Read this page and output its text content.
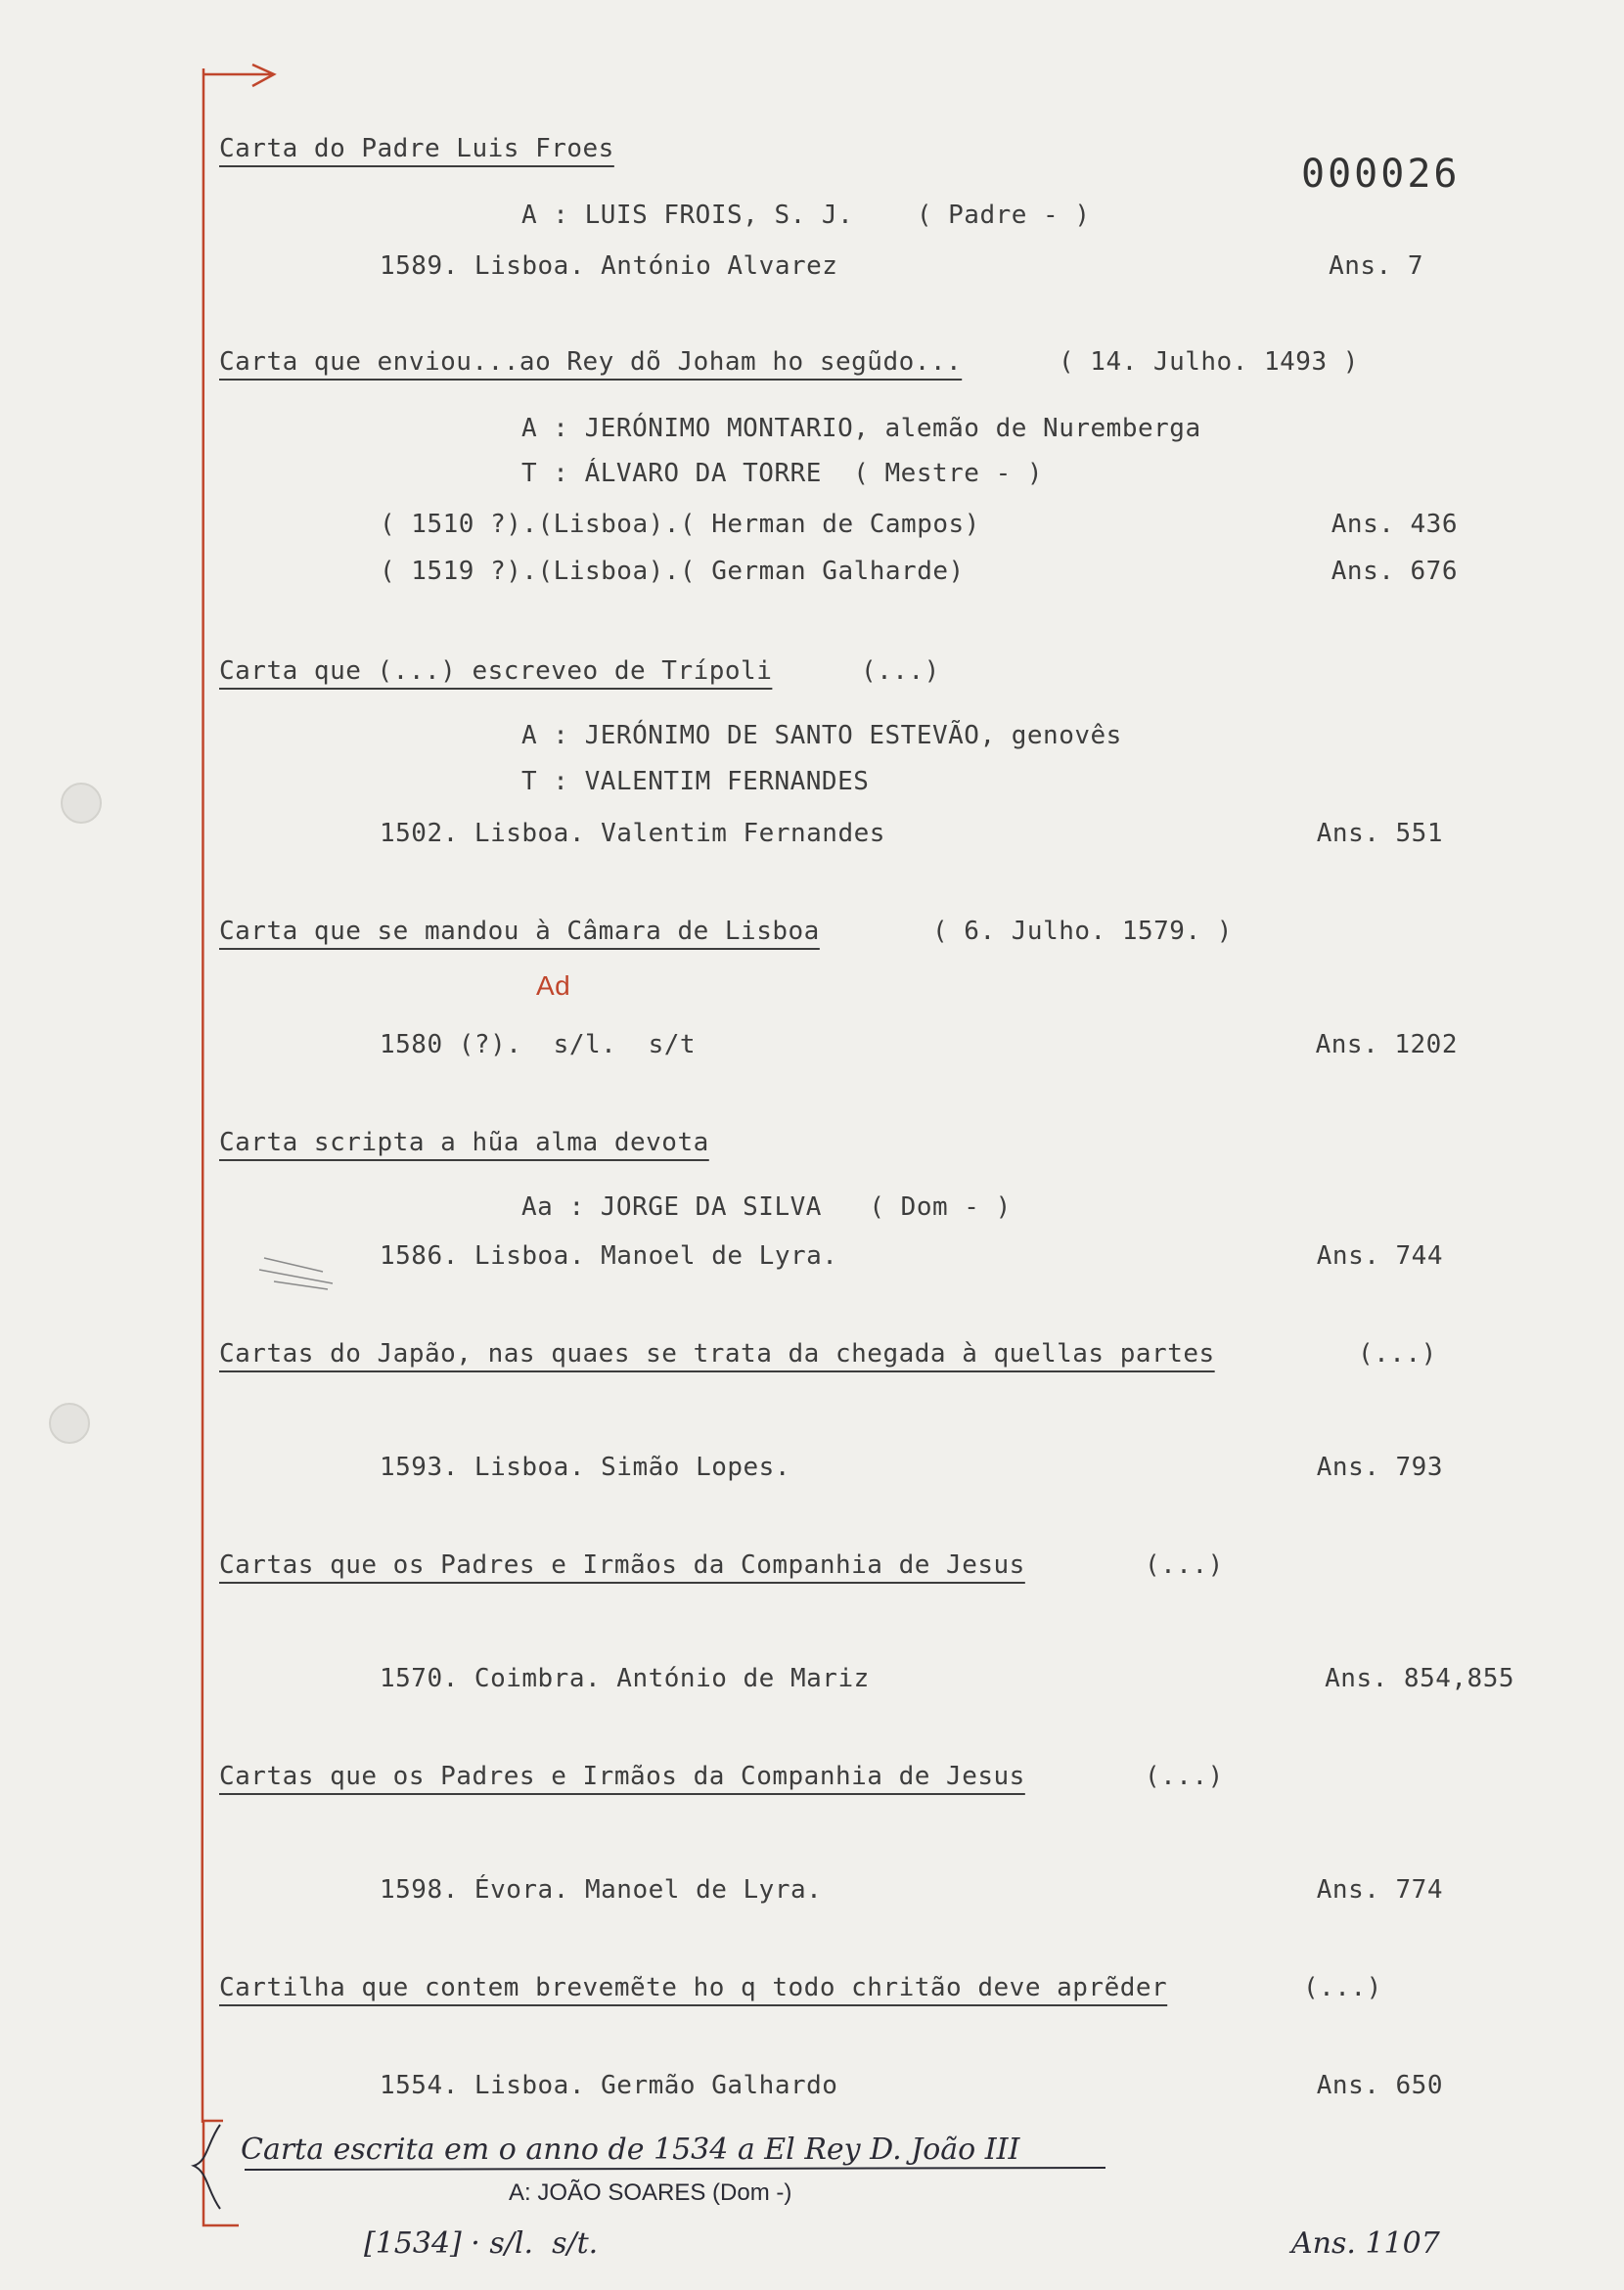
000026
Carta do Padre Luis Froes
A : LUIS FROIS, S. J.    ( Padre - )
1589. Lisboa. António Alvarez	Ans. 7
Carta que enviou...ao Rey dõ Joham ho segũdo...	( 14. Julho. 1493 )
A : JERÓNIMO MONTARIO, alemão de Nuremberga
T : ÁLVARO DA TORRE  ( Mestre - )
( 1510 ?).(Lisboa).( Herman de Campos)	Ans. 436
( 1519 ?).(Lisboa).( German Galharde)	Ans. 676
Carta que (...) escreveo de Trípoli	(...)
A : JERÓNIMO DE SANTO ESTEVÃO, genovês
T : VALENTIM FERNANDES
1502. Lisboa. Valentim Fernandes	Ans. 551
Carta que se mandou à Câmara de Lisboa	( 6. Julho. 1579. )
Ad
1580 (?).  s/l.  s/t	Ans. 1202
Carta scripta a hũa alma devota
Aa : JORGE DA SILVA   ( Dom - )
1586. Lisboa. Manoel de Lyra.	Ans. 744
Cartas do Japão, nas quaes se trata da chegada à quellas partes	(...)
1593. Lisboa. Simão Lopes.	Ans. 793
Cartas que os Padres e Irmãos da Companhia de Jesus	(...)
1570. Coimbra. António de Mariz	Ans. 854,855
Cartas que os Padres e Irmãos da Companhia de Jesus	(...)
1598. Évora. Manoel de Lyra.	Ans. 774
Cartilha que contem brevemẽte ho q todo chritão deve aprẽder	(...)
1554. Lisboa. Germão Galhardo	Ans. 650
Carta escrita em o anno de 1534 a El Rey D. João III
A: JOÃO SOARES (Dom -)
[1534] · s/l.  s/t.	Ans. 1107
